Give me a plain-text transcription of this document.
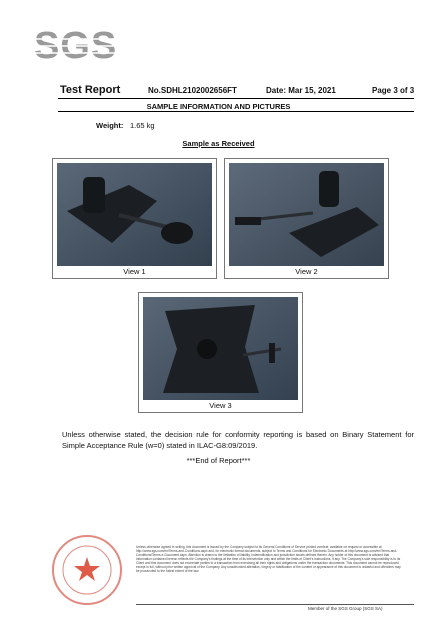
SGS
Test Report	No.SDHL2102002656FT	Date: Mar 15, 2021	Page 3 of 3
SAMPLE INFORMATION AND PICTURES
Weight: 1.65 kg
Sample as Received
View 1	View 2
View 3
Unless otherwise stated, the decision rule for conformity reporting is based on Binary Statement for Simple Acceptance Rule (w=0) stated in ILAC-G8:09/2019.
***End of Report***
Unless otherwise agreed in writing, this document is issued by the Company subject to its General Conditions of Service printed overleaf, available on request or accessible at http://www.sgs.com/en/Terms-and-Conditions.aspx and, for electronic format documents, subject to Terms and Conditions for Electronic Documents at http://www.sgs.com/en/Terms-and-Conditions/Terms-e-Document.aspx. Attention is drawn to the limitation of liability, indemnification and jurisdiction issues defined therein. Any holder of this document is advised that information contained hereon reflects the Company's findings at the time of its intervention only and within the limits of Client's instructions, if any. The Company's sole responsibility is to its Client and this document does not exonerate parties to a transaction from exercising all their rights and obligations under the transaction documents. This document cannot be reproduced except in full, without prior written approval of the Company. Any unauthorized alteration, forgery or falsification of the content or appearance of this document is unlawful and offenders may be prosecuted to the fullest extent of the law.
Member of the SGS Group (SGS SA)
